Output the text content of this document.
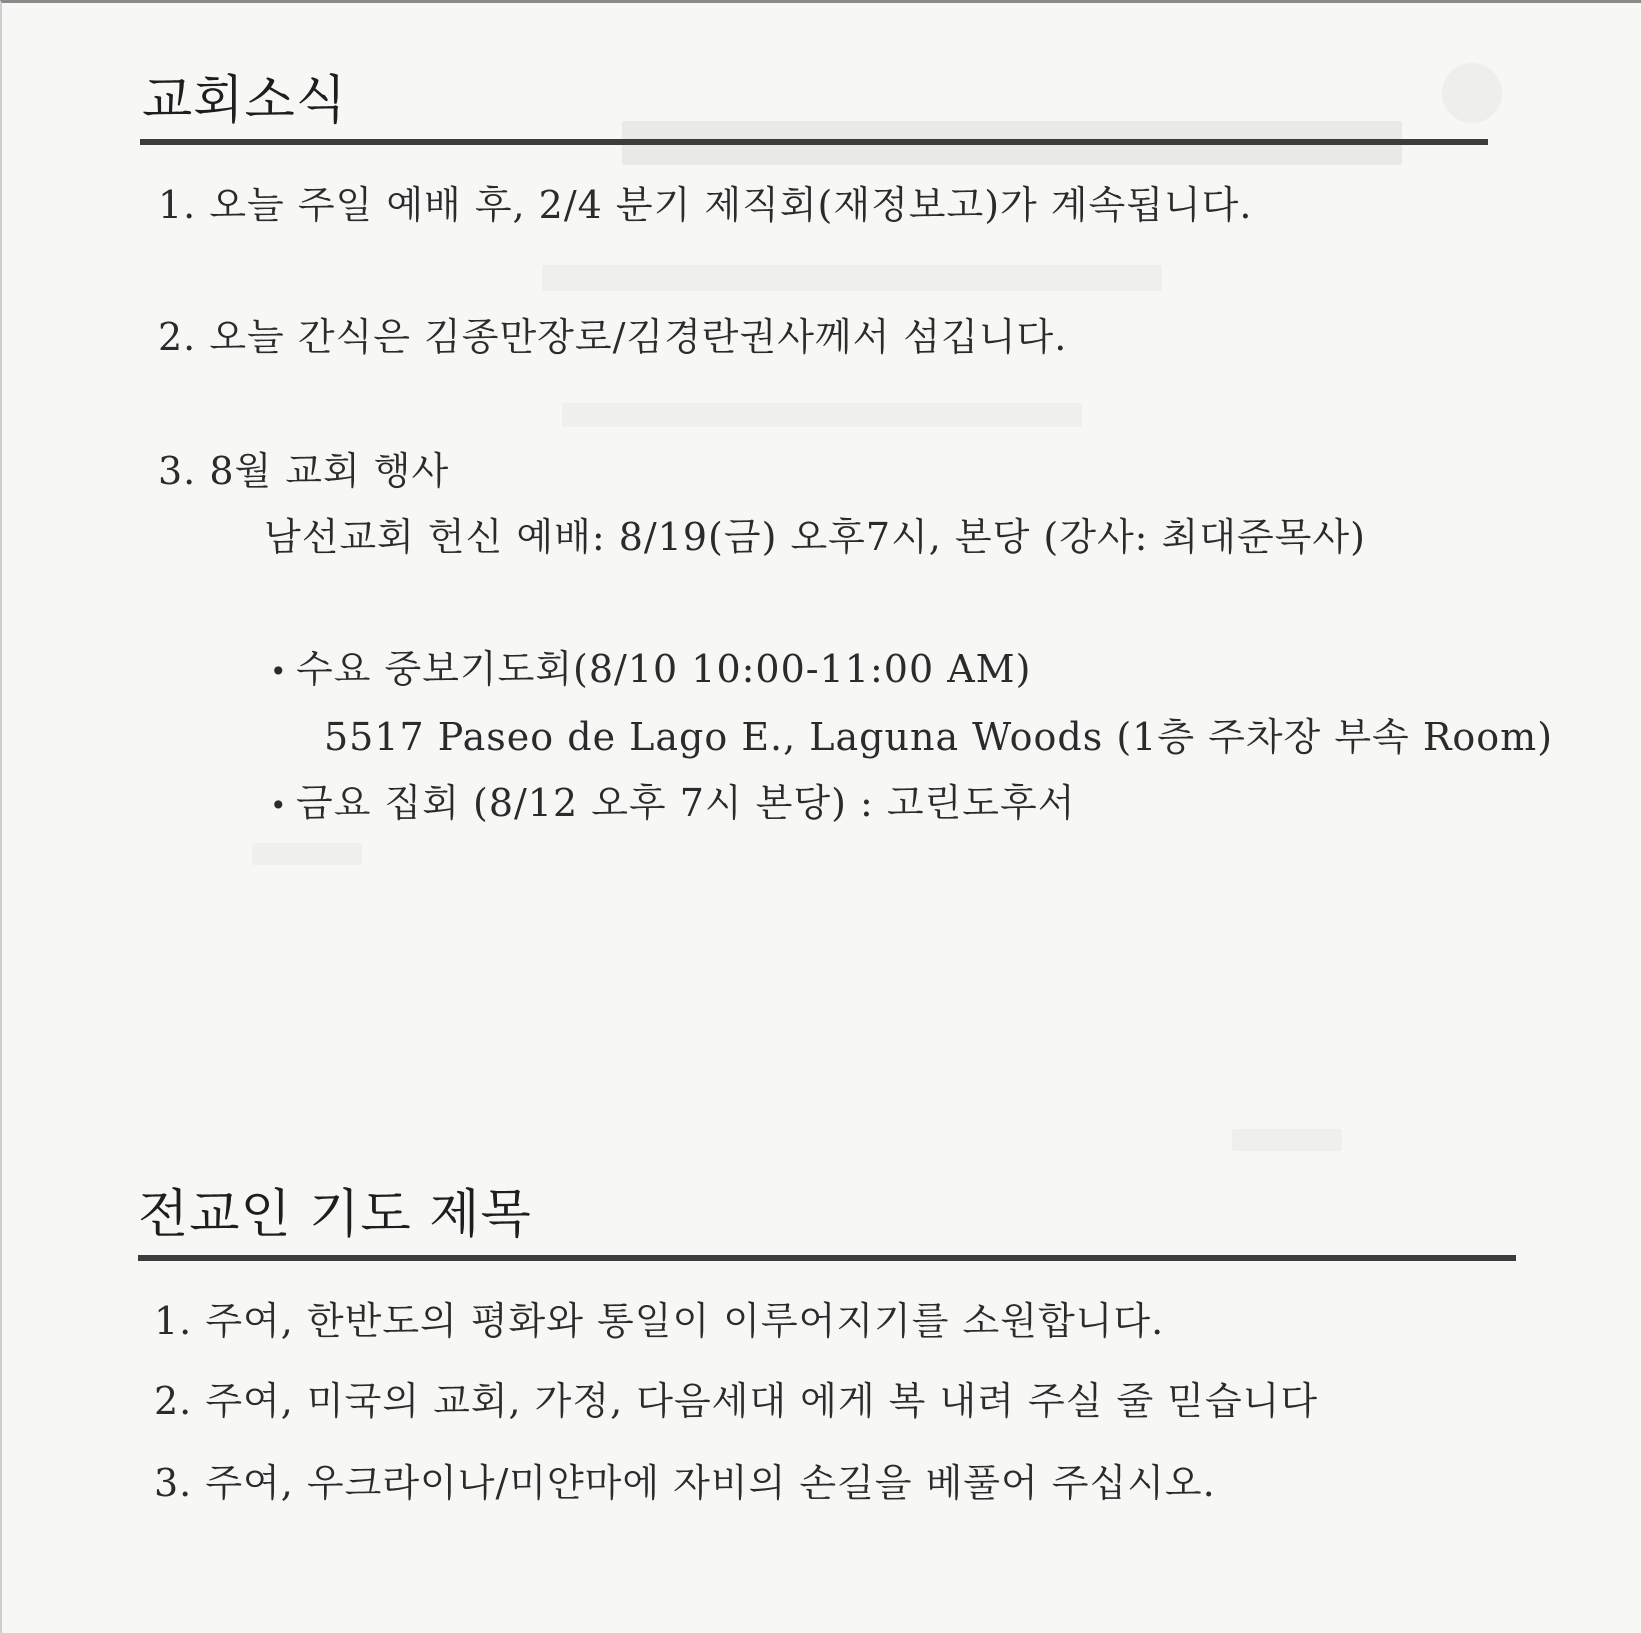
교회소식
1. 오늘 주일 예배 후, 2/4 분기 제직회(재정보고)가 계속됩니다.
2. 오늘 간식은 김종만장로/김경란권사께서 섬깁니다.
3. 8월 교회 행사
남선교회 헌신 예배: 8/19(금) 오후7시, 본당 (강사: 최대준목사)
• 수요 중보기도회(8/10 10:00-11:00 AM)
5517 Paseo de Lago E., Laguna Woods (1층 주차장 부속 Room)
• 금요 집회 (8/12 오후 7시 본당) : 고린도후서
전교인 기도 제목
1. 주여, 한반도의 평화와 통일이 이루어지기를 소원합니다.
2. 주여, 미국의 교회, 가정, 다음세대 에게 복 내려 주실 줄 믿습니다
3. 주여, 우크라이나/미얀마에 자비의 손길을 베풀어 주십시오.
